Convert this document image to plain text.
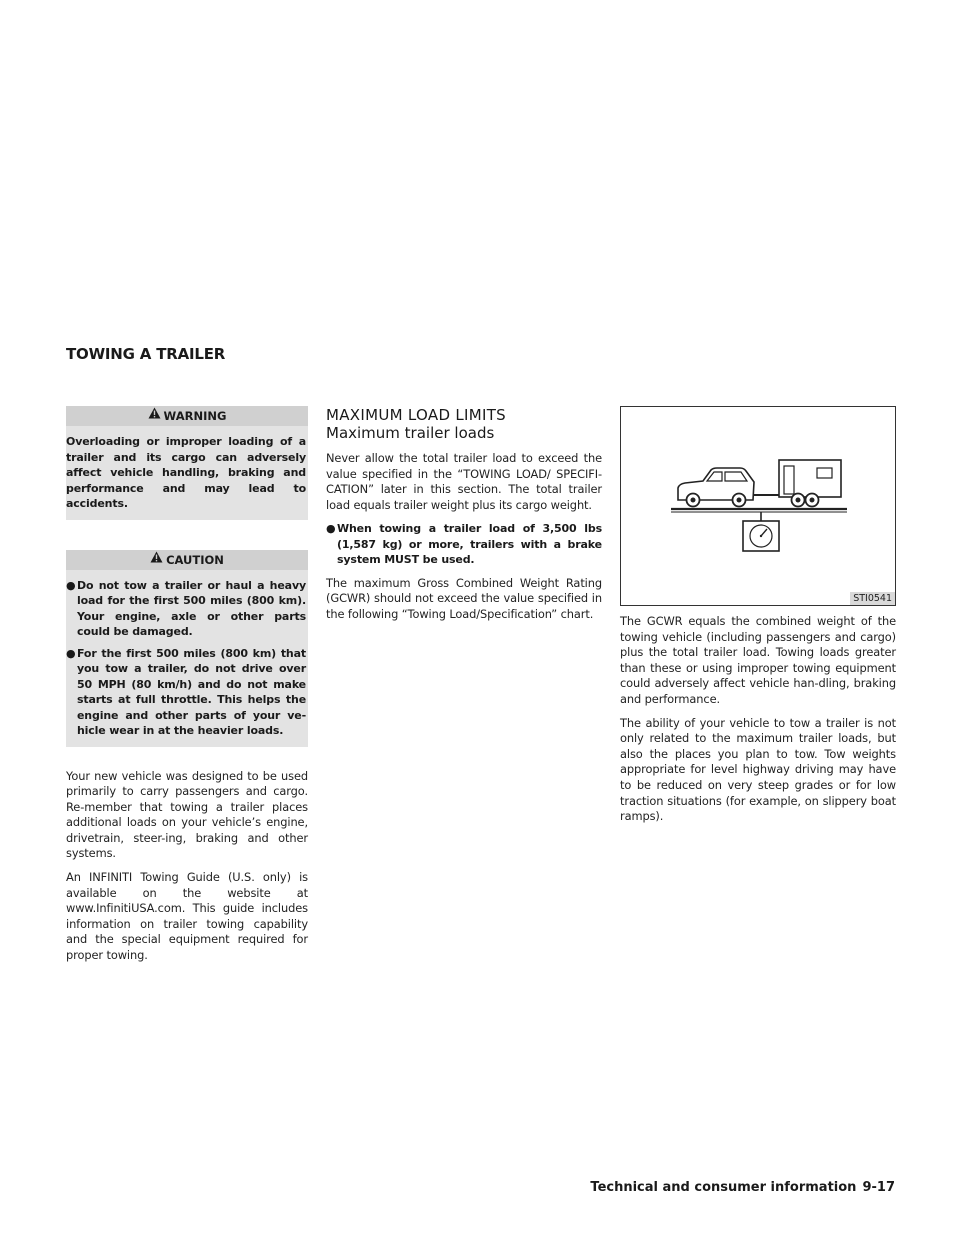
TOWING A TRAILER
WARNING
Overloading or improper loading of a trailer and its cargo can adversely affect vehicle handling, braking and performance and may lead to accidents.
CAUTION
● Do not tow a trailer or haul a heavy load for the first 500 miles (800 km). Your engine, axle or other parts could be damaged.
● For the first 500 miles (800 km) that you tow a trailer, do not drive over 50 MPH (80 km/h) and do not make starts at full throttle. This helps the engine and other parts of your ve-hicle wear in at the heavier loads.

Your new vehicle was designed to be used primarily to carry passengers and cargo. Re-member that towing a trailer places additional loads on your vehicle’s engine, drivetrain, steer-ing, braking and other systems.

An INFINITI Towing Guide (U.S. only) is available on the website at www.InfinitiUSA.com. This guide includes information on trailer towing capability and the special equipment required for proper towing.

MAXIMUM LOAD LIMITS
Maximum trailer loads

Never allow the total trailer load to exceed the value specified in the “TOWING LOAD/ SPECIFI-CATION” later in this section. The total trailer load equals trailer weight plus its cargo weight.

● When towing a trailer load of 3,500 lbs (1,587 kg) or more, trailers with a brake system MUST be used.

The maximum Gross Combined Weight Rating (GCWR) should not exceed the value specified in the following “Towing Load/Specification” chart.

STI0541

The GCWR equals the combined weight of the towing vehicle (including passengers and cargo) plus the total trailer load. Towing loads greater than these or using improper towing equipment could adversely affect vehicle han-dling, braking and performance.

The ability of your vehicle to tow a trailer is not only related to the maximum trailer loads, but also the places you plan to tow. Tow weights appropriate for level highway driving may have to be reduced on very steep grades or for low traction situations (for example, on slippery boat ramps).

Technical and consumer information 9-17
